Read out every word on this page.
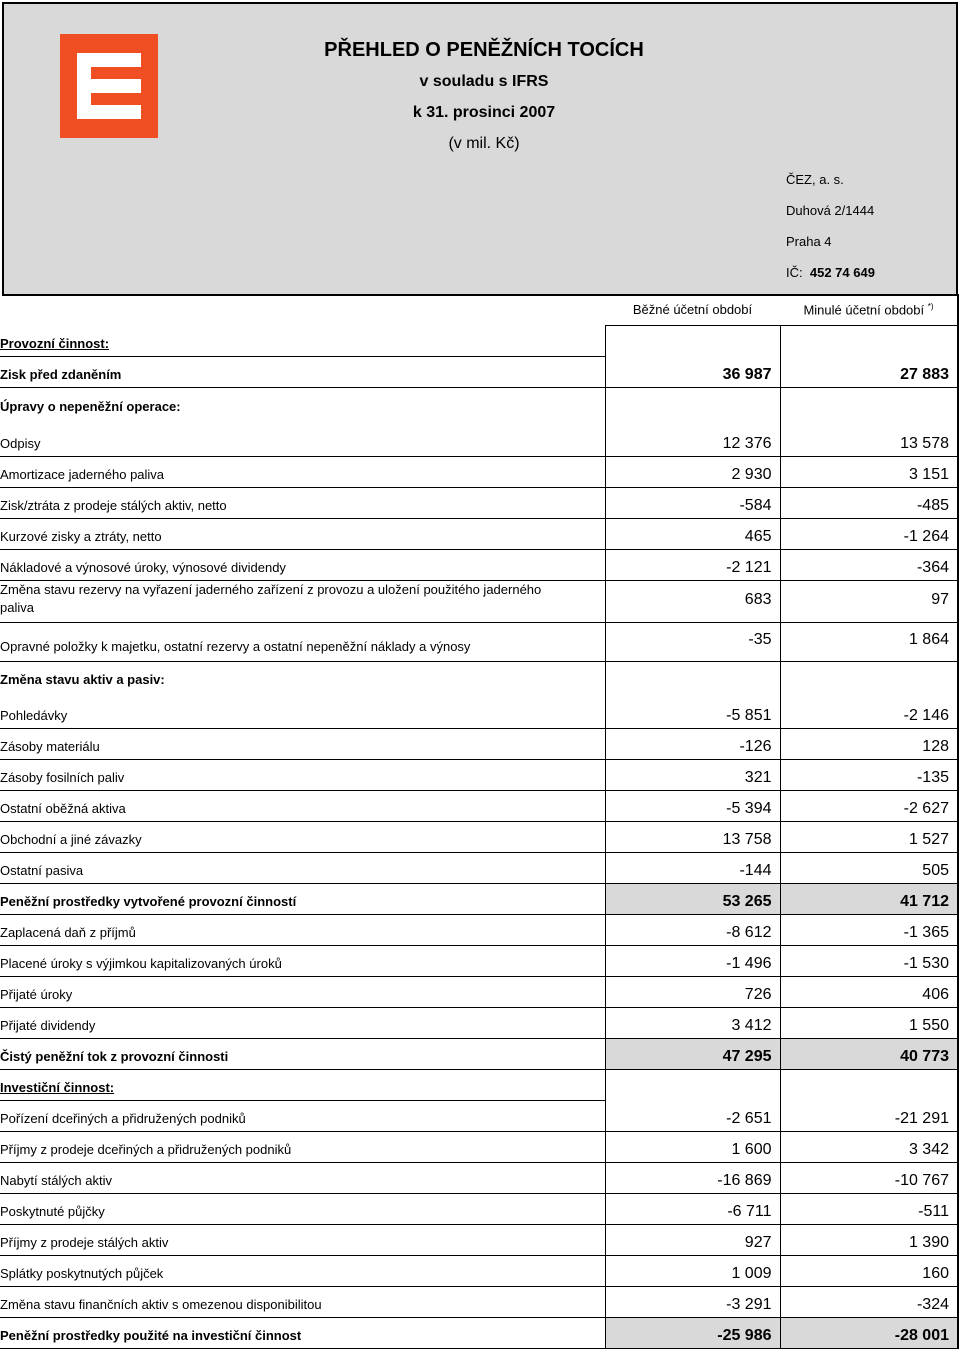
PŘEHLED O PENĚŽNÍCH TOCÍCH
v souladu s IFRS
k 31. prosinci 2007
(v mil. Kč)
ČEZ, a. s.
Duhová 2/1444
Praha 4
IČ: 452 74 649
	Běžné účetní období	Minulé účetní období *)
Provozní činnost:		
Zisk před zdaněním	36 987	27 883
Úpravy o nepeněžní operace:		
Odpisy	12 376	13 578
Amortizace jaderného paliva	2 930	3 151
Zisk/ztráta z prodeje stálých aktiv, netto	-584	-485
Kurzové zisky a ztráty, netto	465	-1 264
Nákladové a výnosové úroky, výnosové dividendy	-2 121	-364
Změna stavu rezervy na vyřazení jaderného zařízení z provozu a uložení použitého jaderného paliva	683	97
Opravné položky k majetku, ostatní rezervy a ostatní nepeněžní náklady a výnosy	-35	1 864
Změna stavu aktiv a pasiv:		
Pohledávky	-5 851	-2 146
Zásoby materiálu	-126	128
Zásoby fosilních paliv	321	-135
Ostatní oběžná aktiva	-5 394	-2 627
Obchodní a jiné závazky	13 758	1 527
Ostatní pasiva	-144	505
Peněžní prostředky vytvořené provozní činností	53 265	41 712
Zaplacená daň z příjmů	-8 612	-1 365
Placené úroky s výjimkou kapitalizovaných úroků	-1 496	-1 530
Přijaté úroky	726	406
Přijaté dividendy	3 412	1 550
Čistý peněžní tok z provozní činnosti	47 295	40 773
Investiční činnost:		
Pořízení dceřiných a přidružených podniků	-2 651	-21 291
Příjmy z prodeje dceřiných a přidružených podniků	1 600	3 342
Nabytí stálých aktiv	-16 869	-10 767
Poskytnuté půjčky	-6 711	-511
Příjmy z prodeje stálých aktiv	927	1 390
Splátky poskytnutých půjček	1 009	160
Změna stavu finančních aktiv s omezenou disponibilitou	-3 291	-324
Peněžní prostředky použité na investiční činnost	-25 986	-28 001
